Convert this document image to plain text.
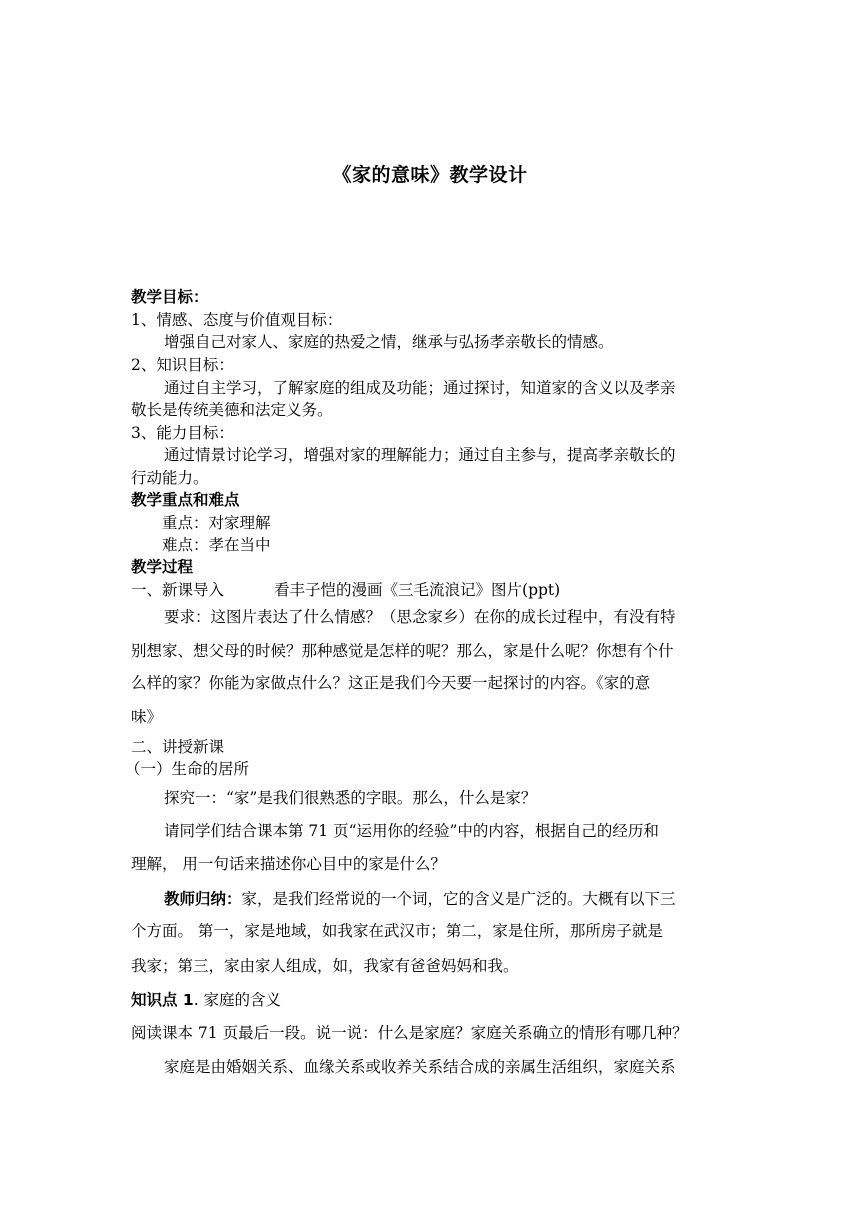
《家的意味》教学设计
教学目标：
1、情感、态度与价值观目标：
增强自己对家人、家庭的热爱之情，继承与弘扬孝亲敬长的情感。
2、知识目标：
通过自主学习，了解家庭的组成及功能；通过探讨，知道家的含义以及孝亲
敬长是传统美德和法定义务。
3、能力目标：
通过情景讨论学习，增强对家的理解能力；通过自主参与，提高孝亲敬长的
行动能力。
教学重点和难点
重点：对家理解
难点：孝在当中
教学过程
一、新课导入	看丰子恺的漫画《三毛流浪记》图片(ppt)
要求：这图片表达了什么情感？（思念家乡）在你的成长过程中，有没有特
别想家、想父母的时候？那种感觉是怎样的呢？那么，家是什么呢？你想有个什
么样的家？你能为家做点什么？这正是我们今天要一起探讨的内容。《家的意
味》
二、讲授新课
（一）生命的居所
探究一：“家”是我们很熟悉的字眼。那么，什么是家？
请同学们结合课本第 71 页“运用你的经验”中的内容，根据自己的经历和
理解， 用一句话来描述你心目中的家是什么？
教师归纳：家，是我们经常说的一个词，它的含义是广泛的。大概有以下三
个方面。 第一，家是地域，如我家在武汉市；第二，家是住所，那所房子就是
我家；第三，家由家人组成，如，我家有爸爸妈妈和我。
知识点 1. 家庭的含义
阅读课本 71 页最后一段。说一说：什么是家庭？家庭关系确立的情形有哪几种？
家庭是由婚姻关系、血缘关系或收养关系结合成的亲属生活组织，家庭关系
